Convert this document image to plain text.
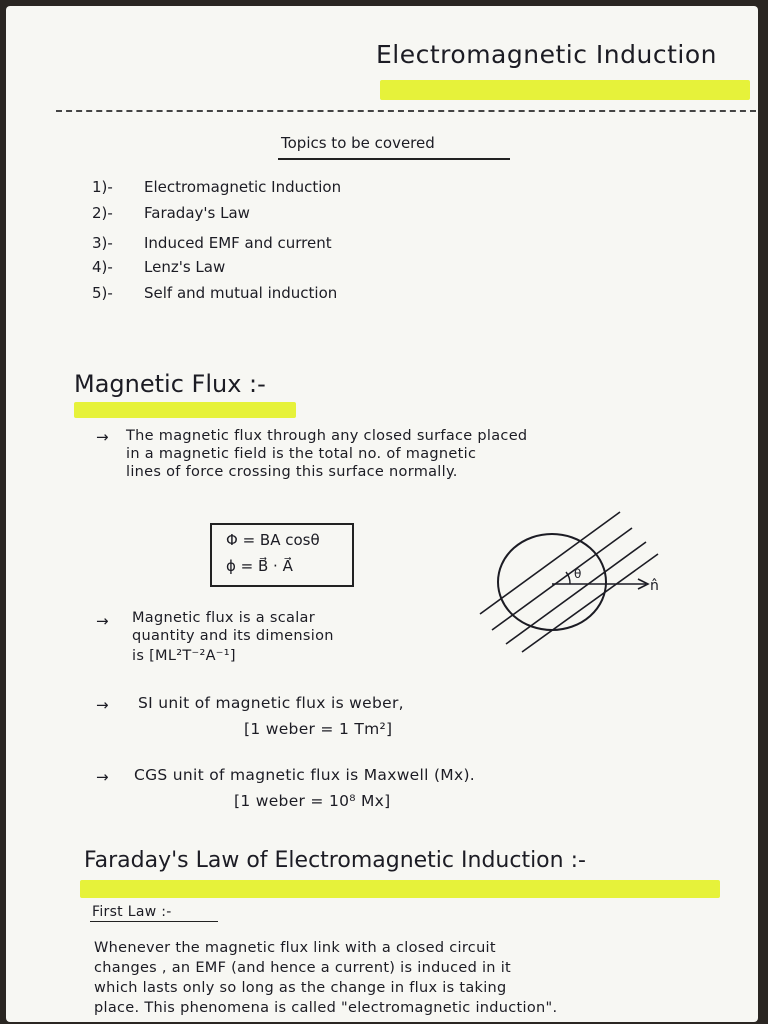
Electromagnetic Induction
Topics to be covered
1)- Electromagnetic Induction
2)- Faraday's Law
3)- Induced EMF and current
4)- Lenz's Law
5)- Self and mutual induction
Magnetic Flux :-
→ The magnetic flux through any closed surface placed
in a magnetic field is the total no. of magnetic
lines of force crossing this surface normally.
Φ = BA cosθ
ϕ = B⃗ · A⃗	θ
n̂
→ Magnetic flux is a scalar
quantity and its dimension
is [ML²T⁻²A⁻¹]
→ SI unit of magnetic flux is weber,
[1 weber = 1 Tm²]
→ CGS unit of magnetic flux is Maxwell (Mx).
[1 weber = 10⁸ Mx]
Faraday's Law of Electromagnetic Induction :-
First Law :-
Whenever the magnetic flux link with a closed circuit
changes , an EMF (and hence a current) is induced in it
which lasts only so long as the change in flux is taking
place. This phenomena is called "electromagnetic induction".
